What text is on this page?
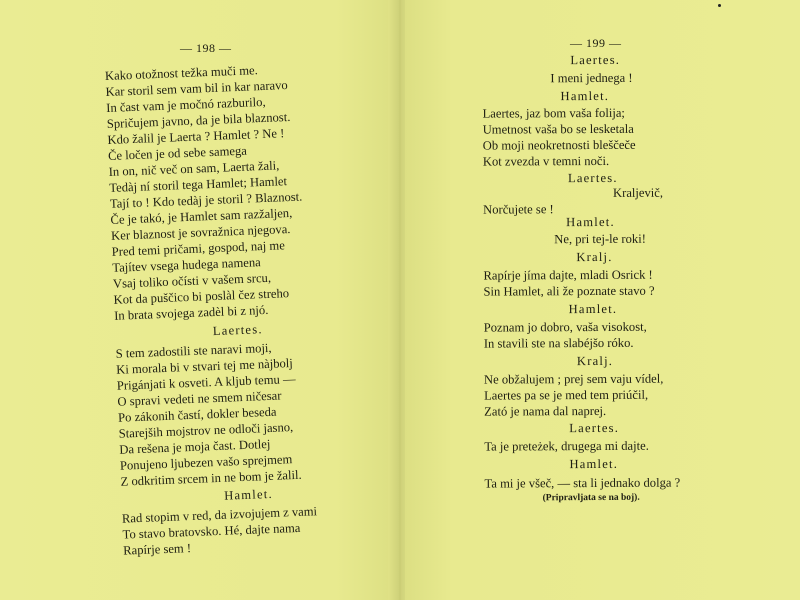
— 198 —
Kako otožnost težka muči me.
Kar storil sem vam bil in kar naravo
In čast vam je močnó razburilo,
Spričujem javno, da je bila blaznost.
Kdo žalil je Laerta ? Hamlet ? Ne !
Če ločen je od sebe samega
In on, nič več on sam, Laerta žali,
Tedàj ní storil tega Hamlet; Hamlet
Tají to ! Kdo tedàj je storil ? Blaznost.
Če je takó, je Hamlet sam razžaljen,
Ker blaznost je sovražnica njegova.
Pred temi pričami, gospod, naj me
Tajítev vsega hudega namena
Vsaj toliko očísti v vašem srcu,
Kot da puščico bi poslàl čez streho
In brata svojega zadèl bi z njó.
Laertes.
S tem zadostili ste naravi moji,
Ki morala bi v stvari tej me nàjbolj
Prigánjati k osveti. A kljub temu —
O spravi vedeti ne smem ničesar
Po zákonih častí, dokler beseda
Starejših mojstrov ne odloči jasno,
Da rešena je moja čast. Dotlej
Ponujeno ljubezen vašo sprejmem
Z odkritim srcem in ne bom je žalil.
Hamlet.
Rad stopim v red, da izvojujem z vami
To stavo bratovsko. Hé, dajte nama
Rapírje sem !
— 199 —
Laertes.
I meni jednega !
Hamlet.
Laertes, jaz bom vaša folija;
Umetnost vaša bo se lesketala
Ob moji neokretnosti bleščeče
Kot zvezda v temni noči.
Laertes.
Kraljevič,
Norčujete se !
Hamlet.
Ne, pri tej-le roki!
Kralj.
Rapírje jíma dajte, mladi Osrick !
Sin Hamlet, ali že poznate stavo ?
Hamlet.
Poznam jo dobro, vaša visokost,
In stavili ste na slabéjšo róko.
Kralj.
Ne obžalujem ; prej sem vaju vídel,
Laertes pa se je med tem priúčil,
Zató je nama dal naprej.
Laertes.
Ta je preteżek, drugega mi dajte.
Hamlet.
Ta mi je všeč, — sta li jednako dolga ?
(Pripravljata se na boj).
